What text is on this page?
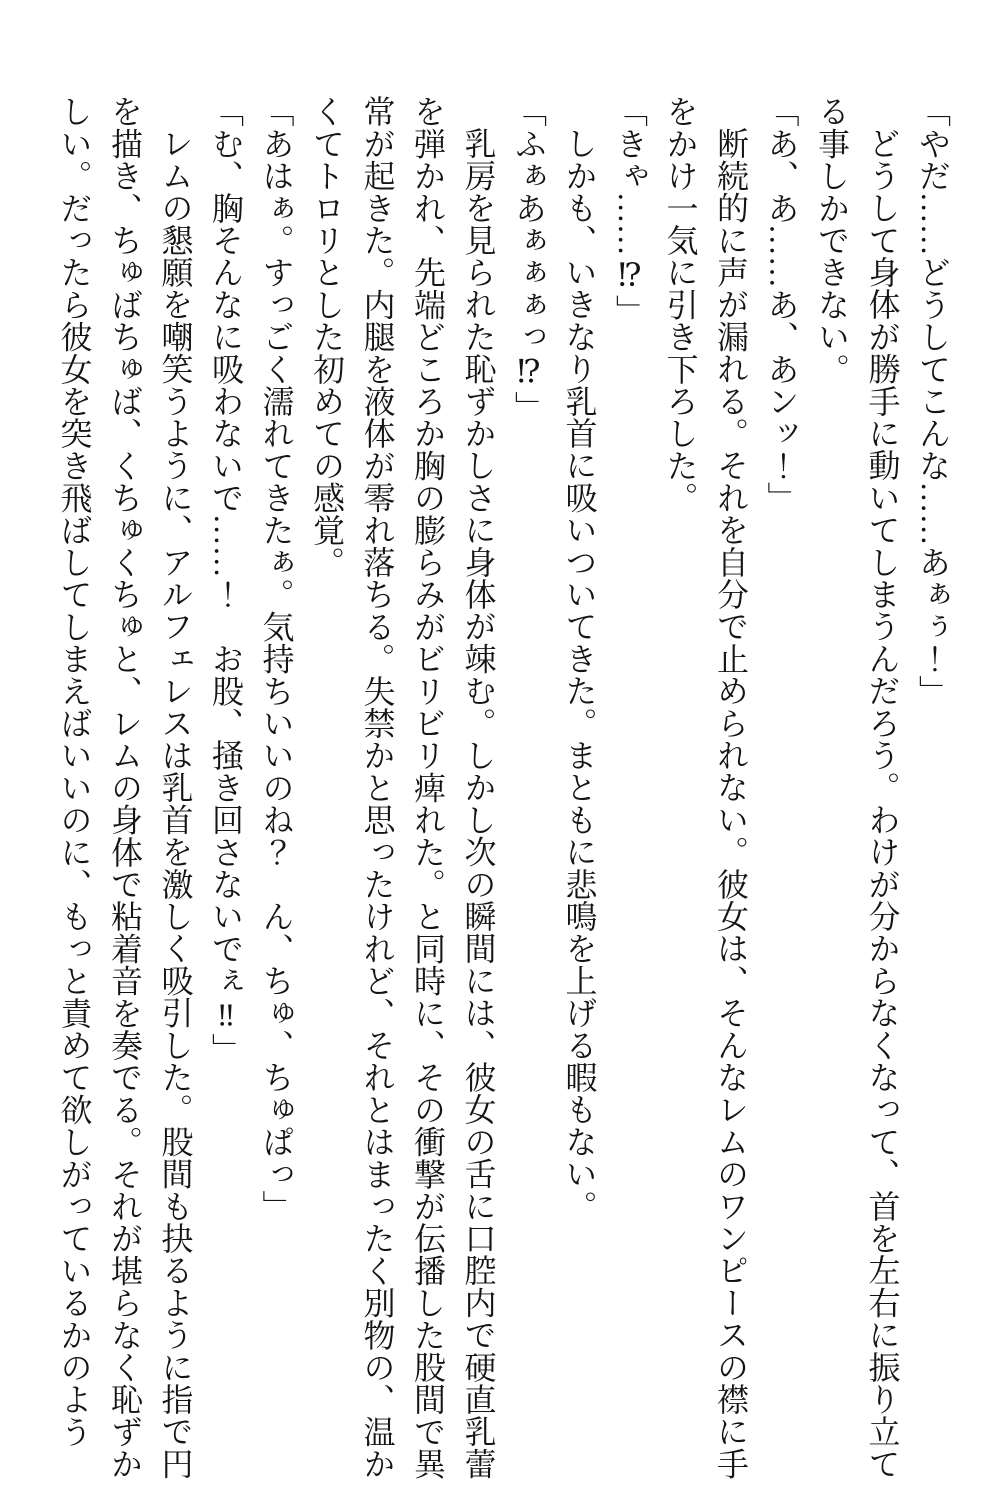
「やだ……どうしてこんな……あぁぅ！」
どうして身体が勝手に動いてしまうんだろう。わけが分からなくなって、首を左右に振り立て
る事しかできない。
「あ、あ……あ、あンッ！」
断続的に声が漏れる。それを自分で止められない。彼女は、そんなレムのワンピースの襟に手
をかけ一気に引き下ろした。
「きゃ……⁉」
しかも、いきなり乳首に吸いついてきた。まともに悲鳴を上げる暇もない。
「ふぁあぁぁぁっ⁉」
乳房を見られた恥ずかしさに身体が竦む。しかし次の瞬間には、彼女の舌に口腔内で硬直乳蕾
を弾かれ、先端どころか胸の膨らみがビリビリ痺れた。と同時に、その衝撃が伝播した股間で異
常が起きた。内腿を液体が零れ落ちる。失禁かと思ったけれど、それとはまったく別物の、温か
くてトロリとした初めての感覚。
「あはぁ。すっごく濡れてきたぁ。気持ちいいのね？　ん、ちゅ、ちゅぱっ」
「む、胸そんなに吸わないで……！　お股、掻き回さないでぇ‼」
レムの懇願を嘲笑うように、アルフェレスは乳首を激しく吸引した。股間も抉るように指で円
を描き、ちゅばちゅば、くちゅくちゅと、レムの身体で粘着音を奏でる。それが堪らなく恥ずか
しい。だったら彼女を突き飛ばしてしまえばいいのに、もっと責めて欲しがっているかのよう
